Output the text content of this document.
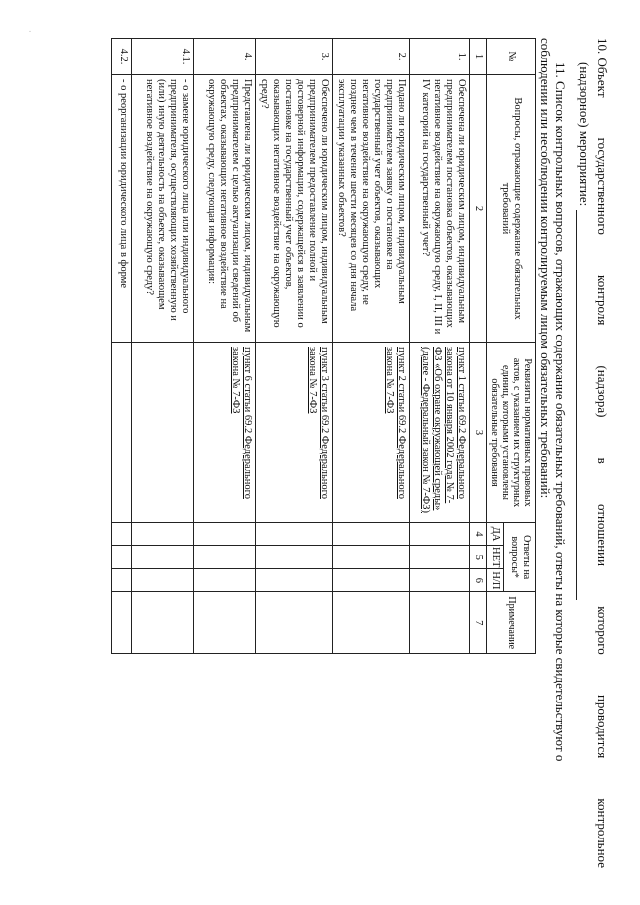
·
10. Объект
государственного
контроля
(надзора)
в
отношении
которого
проводится
контрольное
(надзорное) мероприятие:
11. Список контрольных вопросов, отражающих содержание обязательных требований, ответы на которые свидетельствуют о
соблюдении или несоблюдении контролируемым лицом обязательных требований:
№	Вопросы, отражающие содержание обязательных требований	Реквизиты нормативных правовых актов, с указанием их структурных единиц, которыми установлены обязательные требования	Ответы на вопросы*			Примечание
			ДА	НЕТ	Н/П	
1	2	3	4	5	6	7
1.	Обеспечена ли юридическим лицом, индивидуальным предпринимателем постановка объектов, оказывающих негативное воздействие на окружающую среду, I, II, III и IV категорий на государственный учет?	пункт 1 статьи 69.2 Федерального закона от 10 января 2002 года № 7- ФЗ «Об охране окружающей среды» (далее - Федеральный закон № 7-ФЗ)				
2.	Подано ли юридическим лицом, индивидуальным предпринимателем заявку о постановке на государственный учет объектов, оказывающих негативное воздействие на окружающую среду, не позднее чем в течение шести месяцев со дня начала эксплуатации указанных объектов?	пункт 2 статьи 69.2 Федерального закона № 7-ФЗ				
3.	Обеспечено ли юридическим лицом, индивидуальным предпринимателем предоставление полной и достоверной информации, содержащейся в заявлении о постановке на государственный учет объектов, оказывающих негативное воздействие на окружающую среду?	пункт 3 статьи 69.2 Федерального закона № 7-ФЗ				
4.	Представлена ли юридическим лицом, индивидуальным предпринимателем с целью актуализации сведений об объектах, оказывающих негативное воздействие на окружающую среду, следующая информация:	пункт 6 статьи 69.2 Федерального закона № 7-ФЗ				
4.1.	- о замене юридического лица или индивидуального предпринимателя, осуществляющих хозяйственную и (или) иную деятельность на объекте, оказывающем негативное воздействие на окружающую среду?					
4.2.	- о реорганизации юридического лица в форме					
